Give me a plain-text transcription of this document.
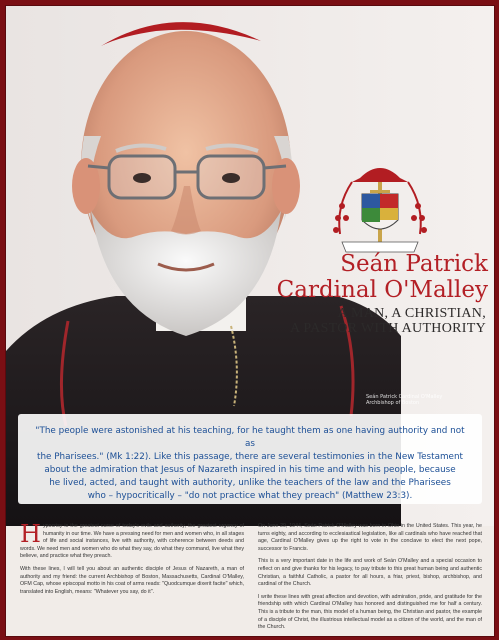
Seán Patrick
Cardinal O'Malley
A MAN, A CHRISTIAN,
A PASTOR WITH AUTHORITY
Seán Patrick Cardinal O'Malley
Archbishop of Boston
"The people were astonished at his teaching, for he taught them as one having authority and not as
the Pharisees." (Mk 1:22). Like this passage, there are several testimonies in the New Testament
about the admiration that Jesus of Nazareth inspired in his time and with his people, because
he lived, acted, and taught with authority, unlike the teachers of the law and the Pharisees
who – hypocritically – "do not practice what they preach" (Matthew 23:3).

Hypocrisy is the greatest curse of today's evils and authority, the greatest urgency of humanity in our time. We have a pressing need for men and women who, in all stages of life and social instances, live with authority, with coherence between deeds and words. We need men and women who do what they say, do what they command, live what they believe, and practice what they preach.

With these lines, I will tell you about an authentic disciple of Jesus of Nazareth, a man of authority and my friend: the current Archbishop of Boston, Massachusetts, Cardinal O'Malley, OFM Cap, whose episcopal motto in his coat of arms reads: "Quodcumque dixerit facite" which, translated into English, means: "Whatever you say, do it".

On June 29, 1944, Seán Patrick O'Malley was born in Ohio in the United States. This year, he turns eighty, and according to ecclesiastical legislation, like all cardinals who have reached that age, Cardinal O'Malley gives up the right to vote in the conclave to elect the next pope, successor to Francis.

This is a very important date in the life and work of Seán O'Malley and a special occasion to reflect on and give thanks for his legacy, to pay tribute to this great human being and authentic Christian, a faithful Catholic, a pastor for all hours, a friar, priest, bishop, archbishop, and cardinal of the Church.

I write these lines with great affection and devotion, with admiration, pride, and gratitude for the friendship with which Cardinal O'Malley has honored and distinguished me for half a century. This is a tribute to the man, this model of a human being, the Christian and pastor, the example of a disciple of Christ, the illustrious intellectual model as a citizen of the world, and the man of the Church.
